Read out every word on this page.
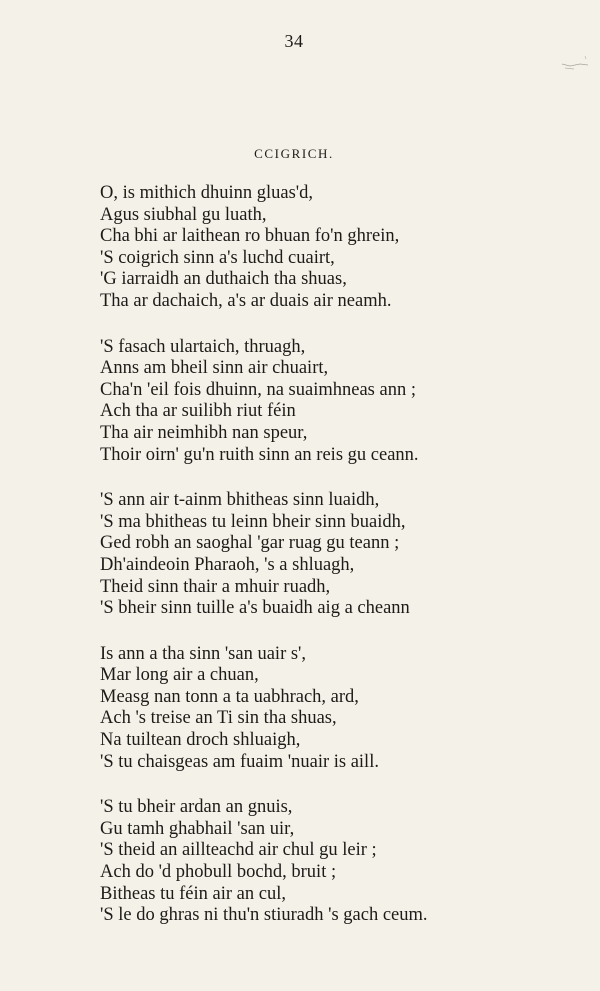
34
CCIGRICH.
O, is mithich dhuinn gluas'd,
Agus siubhal gu luath,
Cha bhi ar laithean ro bhuan fo'n ghrein,
'S coigrich sinn a's luchd cuairt,
'G iarraidh an duthaich tha shuas,
Tha ar dachaich, a's ar duais air neamh.
'S fasach ulartaich, thruagh,
Anns am bheil sinn air chuairt,
Cha'n 'eil fois dhuinn, na suaimhneas ann ;
Ach tha ar suilibh riut féin
Tha air neimhibh nan speur,
Thoir oirn' gu'n ruith sinn an reis gu ceann.
'S ann air t-ainm bhitheas sinn luaidh,
'S ma bhitheas tu leinn bheir sinn buaidh,
Ged robh an saoghal 'gar ruag gu teann ;
Dh'aindeoin Pharaoh, 's a shluagh,
Theid sinn thair a mhuir ruadh,
'S bheir sinn tuille a's buaidh aig a cheann
Is ann a tha sinn 'san uair s',
Mar long air a chuan,
Measg nan tonn a ta uabhrach, ard,
Ach 's treise an Ti sin tha shuas,
Na tuiltean droch shluaigh,
'S tu chaisgeas am fuaim 'nuair is aill.
'S tu bheir ardan an gnuis,
Gu tamh ghabhail 'san uir,
'S theid an aillteachd air chul gu leir ;
Ach do 'd phobull bochd, bruit ;
Bitheas tu féin air an cul,
'S le do ghras ni thu'n stiuradh 's gach ceum.
